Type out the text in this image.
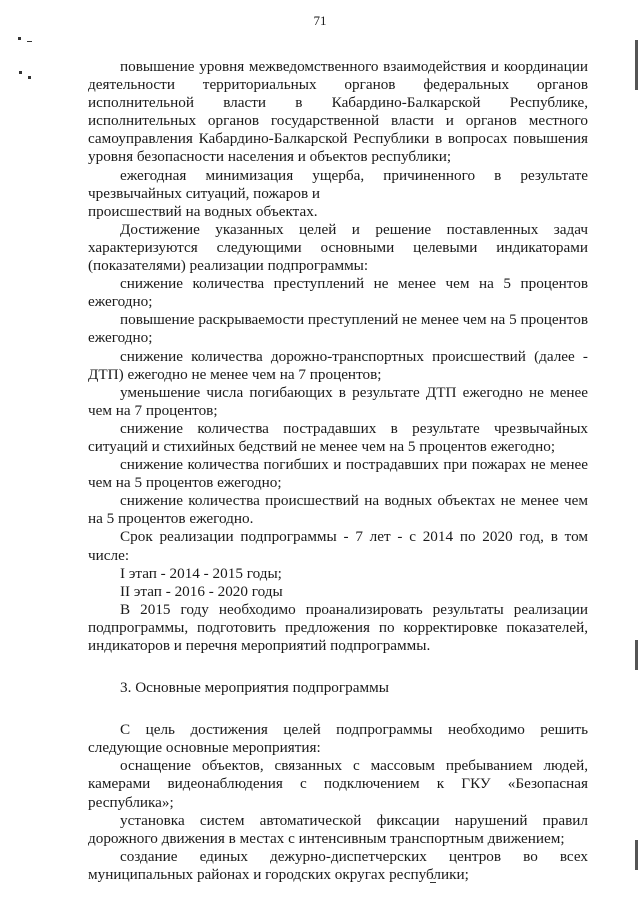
71

повышение уровня межведомственного взаимодействия и координации деятельности территориальных органов федеральных органов исполнительной власти в Кабардино-Балкарской Республике, исполнительных органов государственной власти и органов местного самоуправления Кабардино-Балкарской Республики в вопросах повышения уровня безопасности населения и объектов республики;

ежегодная минимизация ущерба, причиненного в результате чрезвычайных ситуаций, пожаров и

происшествий на водных объектах.

Достижение указанных целей и решение поставленных задач характеризуются следующими основными целевыми индикаторами (показателями) реализации подпрограммы:

снижение количества преступлений не менее чем на 5 процентов ежегодно;

повышение раскрываемости преступлений не менее чем на 5 процентов ежегодно;

снижение количества дорожно-транспортных происшествий (далее - ДТП) ежегодно не менее чем на 7 процентов;

уменьшение числа погибающих в результате ДТП ежегодно не менее чем на 7 процентов;

снижение количества пострадавших в результате чрезвычайных ситуаций и стихийных бедствий не менее чем на 5 процентов ежегодно;

снижение количества погибших и пострадавших при пожарах не менее чем на 5 процентов ежегодно;

снижение количества происшествий на водных объектах не менее чем на 5 процентов ежегодно.

Срок реализации подпрограммы - 7 лет - с 2014 по 2020 год, в том числе:

I этап - 2014 - 2015 годы;

II этап - 2016 - 2020 годы

В 2015 году необходимо проанализировать результаты реализации подпрограммы, подготовить предложения по корректировке показателей, индикаторов и перечня мероприятий подпрограммы.

3. Основные мероприятия подпрограммы

С цель достижения целей подпрограммы необходимо решить следующие основные мероприятия:

оснащение объектов, связанных с массовым пребыванием людей, камерами видеонаблюдения с подключением к ГКУ «Безопасная республика»;

установка систем автоматической фиксации нарушений правил дорожного движения в местах с интенсивным транспортным движением;

создание единых дежурно-диспетчерских центров во всех муниципальных районах и городских округах республики;
